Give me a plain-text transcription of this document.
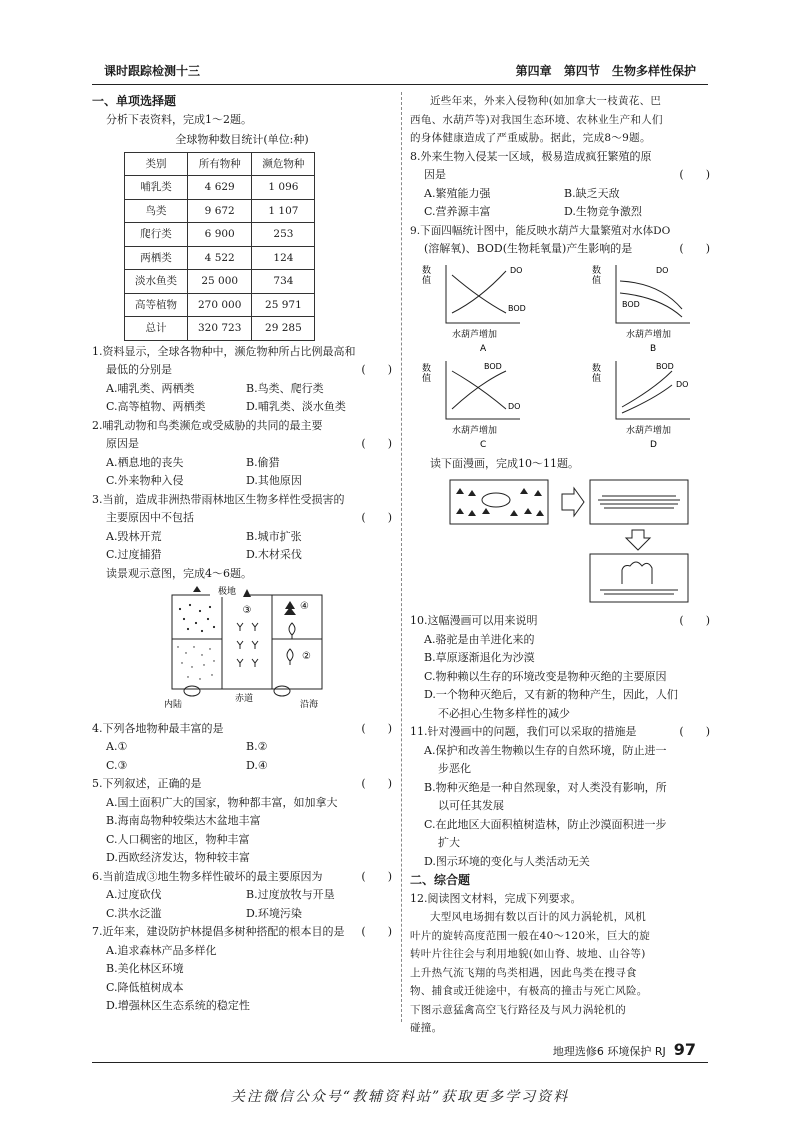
课时跟踪检测十三	第四章 第四节 生物多样性保护
一、单项选择题
分析下表资料，完成1～2题。
全球物种数目统计(单位:种)
类别	所有物种	濒危物种
哺乳类	4 629	1 096
鸟类	9 672	1 107
爬行类	6 900	253
两栖类	4 522	124
淡水鱼类	25 000	734
高等植物	270 000	25 971
总计	320 723	29 285
1.资料显示，全球各物种中，濒危物种所占比例最高和
最低的分别是	(　　)
A.哺乳类、两栖类	B.鸟类、爬行类
C.高等植物、两栖类	D.哺乳类、淡水鱼类
2.哺乳动物和鸟类濒危或受威胁的共同的最主要
原因是	(　　)
A.栖息地的丧失	B.偷猎
C.外来物种入侵	D.其他原因
3.当前，造成非洲热带雨林地区生物多样性受损害的
主要原因中不包括	(　　)
A.毁林开荒	B.城市扩张
C.过度捕猎	D.木材采伐
读景观示意图，完成4～6题。
极地
③	④
②
内陆
赤道
沿海
4.下列各地物种最丰富的是	(　　)
A.①	B.②
C.③	D.④
5.下列叙述，正确的是	(　　)
A.国土面积广大的国家，物种都丰富，如加拿大
B.海南岛物种较柴达木盆地丰富
C.人口稠密的地区，物种丰富
D.西欧经济发达，物种较丰富
6.当前造成③地生物多样性破坏的最主要原因为	(　　)
A.过度砍伐	B.过度放牧与开垦
C.洪水泛滥	D.环境污染
7.近年来，建设防护林提倡多树种搭配的根本目的是 (　　)
A.追求森林产品多样化
B.美化林区环境
C.降低植树成本
D.增强林区生态系统的稳定性
近些年来，外来入侵物种(如加拿大一枝黄花、巴
西龟、水葫芦等)对我国生态环境、农林业生产和人们
的身体健康造成了严重威胁。据此，完成8～9题。
8.外来生物入侵某一区域，极易造成疯狂繁殖的原
因是	(　　)
A.繁殖能力强	B.缺乏天敌
C.营养源丰富	D.生物竞争激烈
9.下面四幅统计图中，能反映水葫芦大量繁殖对水体DO
(溶解氧)、BOD(生物耗氧量)产生影响的是	(　　)
数
值
DO
BOD
水葫芦增加
A
数
值
DO
BOD
水葫芦增加
B
数
值
BOD
DO
水葫芦增加
C
数
值
BOD
DO
水葫芦增加
D
读下面漫画，完成10～11题。
10.这幅漫画可以用来说明	(　　)
A.骆驼是由羊进化来的
B.草原逐渐退化为沙漠
C.物种赖以生存的环境改变是物种灭绝的主要原因
D.一个物种灭绝后，又有新的物种产生，因此，人们
不必担心生物多样性的减少
11.针对漫画中的问题，我们可以采取的措施是	(　　)
A.保护和改善生物赖以生存的自然环境，防止进一
步恶化
B.物种灭绝是一种自然现象，对人类没有影响，所
以可任其发展
C.在此地区大面积植树造林，防止沙漠面积进一步
扩大
D.图示环境的变化与人类活动无关
二、综合题
12.阅读图文材料，完成下列要求。
大型风电场拥有数以百计的风力涡轮机，风机
叶片的旋转高度范围一般在40～120米，巨大的旋
转叶片往往会与利用地貌(如山脊、坡地、山谷等)
上升热气流飞翔的鸟类相遇，因此鸟类在搜寻食
物、捕食或迁徙途中，有极高的撞击与死亡风险。
下图示意猛禽高空飞行路径及与风力涡轮机的
碰撞。
地理选修6 环境保护 RJ 97
关注微信公众号“教辅资料站”获取更多学习资料
